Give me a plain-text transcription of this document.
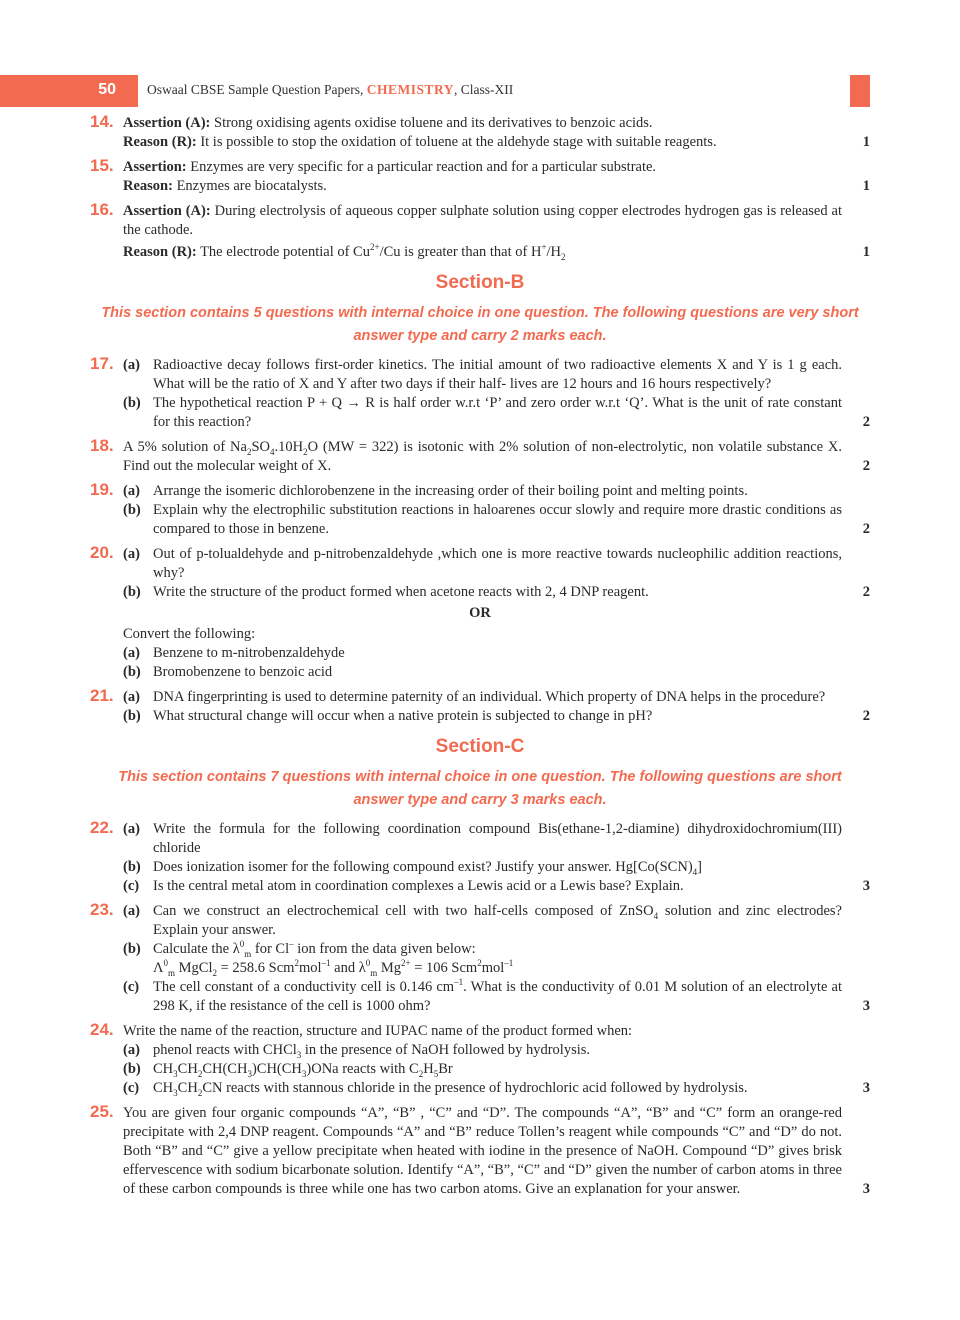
50 Oswaal CBSE Sample Question Papers, CHEMISTRY, Class-XII
14. Assertion (A): Strong oxidising agents oxidise toluene and its derivatives to benzoic acids.
Reason (R): It is possible to stop the oxidation of toluene at the aldehyde stage with suitable reagents.	1
15. Assertion: Enzymes are very specific for a particular reaction and for a particular substrate.
Reason: Enzymes are biocatalysts.	1
16. Assertion (A): During electrolysis of aqueous copper sulphate solution using copper electrodes hydrogen gas is released at the cathode.
Reason (R): The electrode potential of $Cu^{2+}/Cu$ is greater than that of $H^+/H_2$	1
Section-B
This section contains 5 questions with internal choice in one question. The following questions are very short answer type and carry 2 marks each.
17. (a) Radioactive decay follows first-order kinetics. The initial amount of two radioactive elements X and Y is 1 g each. What will be the ratio of X and Y after two days if their half- lives are 12 hours and 16 hours respectively?
(b) The hypothetical reaction P + Q → R is half order w.r.t ‘P’ and zero order w.r.t ‘Q’. What is the unit of rate constant for this reaction?	2
18. A 5% solution of $Na_2SO_4.10H_2O$ (MW = 322) is isotonic with 2% solution of non-electrolytic, non volatile substance X. Find out the molecular weight of X.	2
19. (a) Arrange the isomeric dichlorobenzene in the increasing order of their boiling point and melting points.
(b) Explain why the electrophilic substitution reactions in haloarenes occur slowly and require more drastic conditions as compared to those in benzene.	2
20. (a) Out of p-tolualdehyde and p-nitrobenzaldehyde ,which one is more reactive towards nucleophilic addition reactions, why?
(b) Write the structure of the product formed when acetone reacts with 2, 4 DNP reagent.	2
OR
Convert the following:
(a) Benzene to m-nitrobenzaldehyde
(b) Bromobenzene to benzoic acid
21. (a) DNA fingerprinting is used to determine paternity of an individual. Which property of DNA helps in the procedure?
(b) What structural change will occur when a native protein is subjected to change in pH?	2
Section-C
This section contains 7 questions with internal choice in one question. The following questions are short answer type and carry 3 marks each.
22. (a) Write the formula for the following coordination compound Bis(ethane-1,2-diamine) dihydroxidochromium(III) chloride
(b) Does ionization isomer for the following compound exist? Justify your answer. $Hg[Co(SCN)_4]$
(c) Is the central metal atom in coordination complexes a Lewis acid or a Lewis base? Explain.	3
23. (a) Can we construct an electrochemical cell with two half-cells composed of ZnSO$_4$ solution and zinc electrodes? Explain your answer.
(b) Calculate the $\lambda^0_m$ for Cl– ion from the data given below:
$\Lambda^0_m$ MgCl$_2$ = 258.6 Scm$^2$mol$^{-1}$ and $\lambda^0_m$ $Mg^{2+} = 106$ Scm$^2$mol$^{-1}$
(c) The cell constant of a conductivity cell is 0.146 $cm^{-1}$. What is the conductivity of 0.01 M solution of an electrolyte at 298 K, if the resistance of the cell is 1000 ohm?	3
24. Write the name of the reaction, structure and IUPAC name of the product formed when:
(a) phenol reacts with CHCl$_3$ in the presence of NaOH followed by hydrolysis.
(b) $CH_3CH_2CH(CH_3)CH(CH_3)ONa$ reacts with $C_2H_5Br$
(c) $CH_3CH_2CN$ reacts with stannous chloride in the presence of hydrochloric acid followed by hydrolysis.	3
25. You are given four organic compounds “A”, “B” , “C” and “D”. The compounds “A”, “B” and “C” form an orange-red precipitate with 2,4 DNP reagent. Compounds “A” and “B” reduce Tollen’s reagent while compounds “C” and “D” do not. Both “B” and “C” give a yellow precipitate when heated with iodine in the presence of NaOH. Compound “D” gives brisk effervescence with sodium bicarbonate solution. Identify “A”, “B”, “C” and “D” given the number of carbon atoms in three of these carbon compounds is three while one has two carbon atoms. Give an explanation for your answer.	3
